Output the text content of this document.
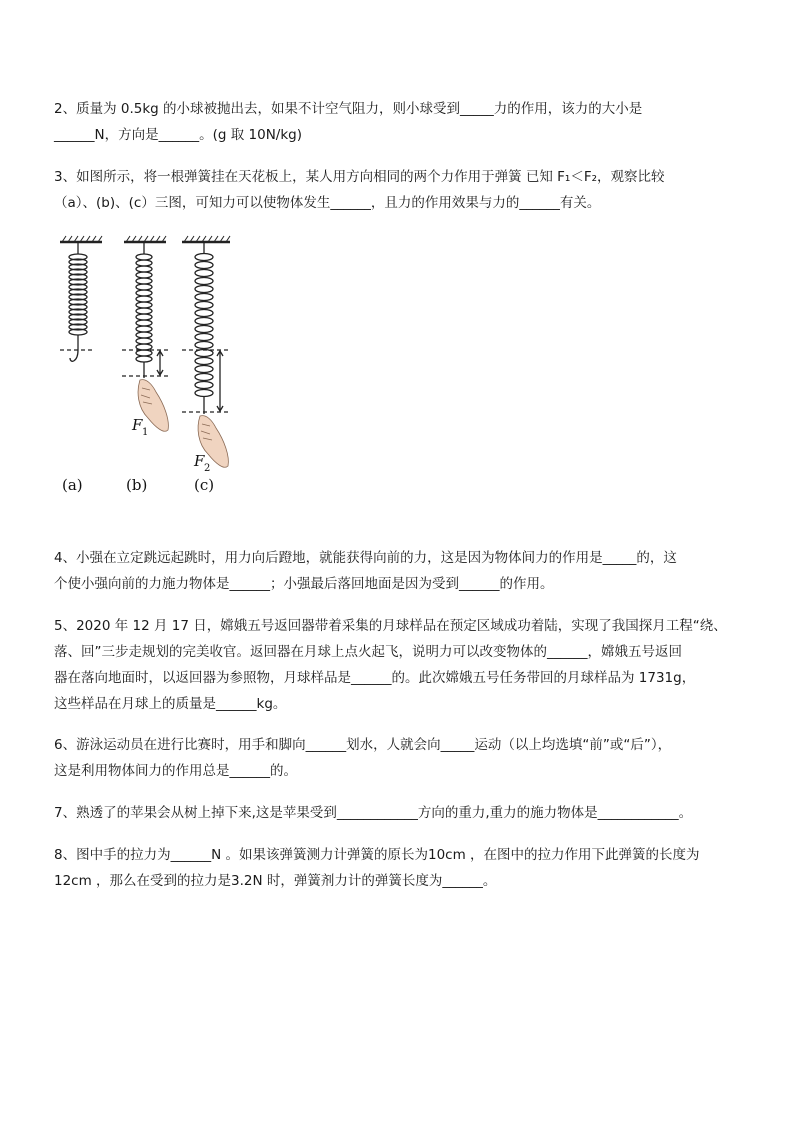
2、质量为 0.5kg 的小球被抛出去，如果不计空气阻力，则小球受到_____力的作用，该力的大小是
______N，方向是______。(g 取 10N/kg)
3、如图所示，将一根弹簧挂在天花板上，某人用方向相同的两个力作用于弹簧 已知 F₁＜F₂，观察比较
（a）、(b)、(c）三图，可知力可以使物体发生______，且力的作用效果与力的______有关。
F 1
F 2
(a)	(b)	(c)
4、小强在立定跳远起跳时，用力向后蹬地，就能获得向前的力，这是因为物体间力的作用是_____的，这
个使小强向前的力施力物体是______；小强最后落回地面是因为受到______的作用。
5、2020 年 12 月 17 日，嫦娥五号返回器带着采集的月球样品在预定区域成功着陆，实现了我国探月工程“绕、
落、回”三步走规划的完美收官。返回器在月球上点火起飞，说明力可以改变物体的______，嫦娥五号返回
器在落向地面时，以返回器为参照物，月球样品是______的。此次嫦娥五号任务带回的月球样品为 1731g，
这些样品在月球上的质量是______kg。
6、游泳运动员在进行比赛时，用手和脚向______划水，人就会向_____运动（以上均选填“前”或“后”），
这是利用物体间力的作用总是______的。
7、熟透了的苹果会从树上掉下来,这是苹果受到____________方向的重力,重力的施力物体是____________。
8、图中手的拉力为______N 。如果该弹簧测力计弹簧的原长为10cm ，在图中的拉力作用下此弹簧的长度为
12cm ，那么在受到的拉力是3.2N 时，弹簧剂力计的弹簧长度为______。
